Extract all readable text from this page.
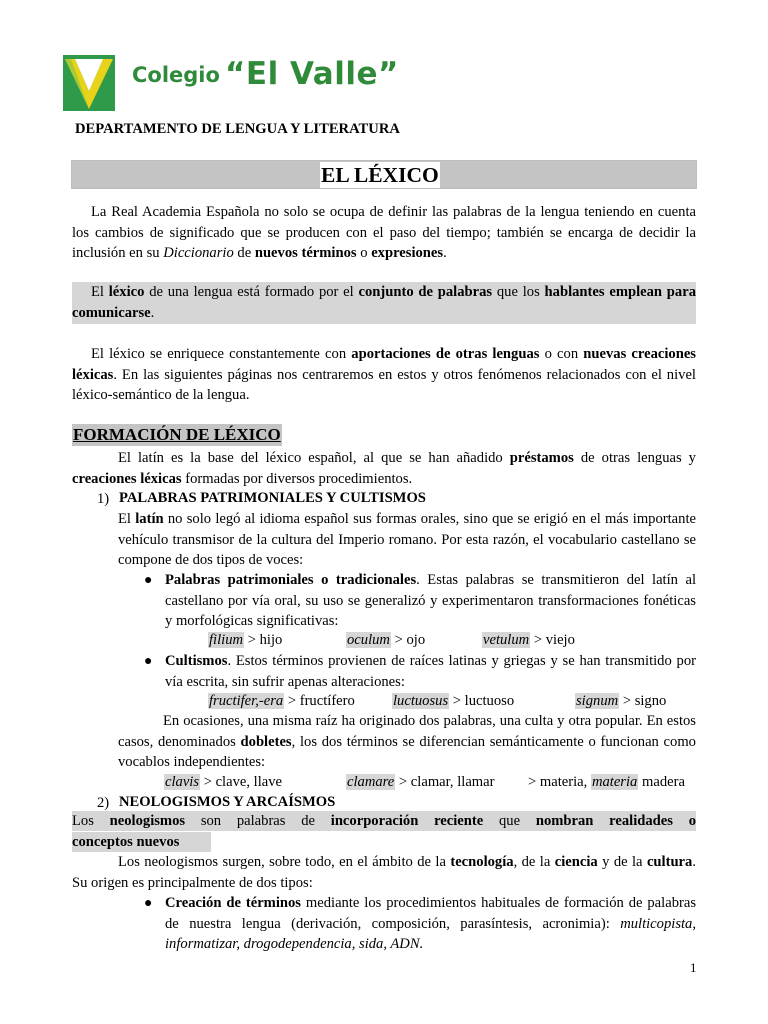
Colegio “El Valle”
DEPARTAMENTO DE LENGUA Y LITERATURA
EL LÉXICO
La Real Academia Española no solo se ocupa de definir las palabras de la lengua teniendo en cuenta los cambios de significado que se producen con el paso del tiempo; también se encarga de decidir la inclusión en su Diccionario de nuevos términos o expresiones.
El léxico de una lengua está formado por el conjunto de palabras que los hablantes emplean para comunicarse.
El léxico se enriquece constantemente con aportaciones de otras lenguas o con nuevas creaciones léxicas. En las siguientes páginas nos centraremos en estos y otros fenómenos relacionados con el nivel léxico-semántico de la lengua.
FORMACIÓN DE LÉXICO
El latín es la base del léxico español, al que se han añadido préstamos de otras lenguas y creaciones léxicas formadas por diversos procedimientos.
1) PALABRAS PATRIMONIALES Y CULTISMOS
El latín no solo legó al idioma español sus formas orales, sino que se erigió en el más importante vehículo transmisor de la cultura del Imperio romano. Por esta razón, el vocabulario castellano se compone de dos tipos de voces:
● Palabras patrimoniales o tradicionales. Estas palabras se transmitieron del latín al castellano por vía oral, su uso se generalizó y experimentaron transformaciones fonéticas y morfológicas significativas:
filium > hijo	oculum > ojo	vetulum > viejo
● Cultismos. Estos términos provienen de raíces latinas y griegas y se han transmitido por vía escrita, sin sufrir apenas alteraciones:
fructifer,-era > fructífero	luctuosus > luctuoso	signum > signo
En ocasiones, una misma raíz ha originado dos palabras, una culta y otra popular. En estos casos, denominados dobletes, los dos términos se diferencian semánticamente o funcionan como vocablos independientes:
clavis > clave, llave	clamare > clamar, llamar > materia, materia madera
2) NEOLOGISMOS Y ARCAÍSMOS
Los neologismos son palabras de incorporación reciente que nombran realidades o
conceptos nuevos
Los neologismos surgen, sobre todo, en el ámbito de la tecnología, de la ciencia y de la cultura. Su origen es principalmente de dos tipos:
● Creación de términos mediante los procedimientos habituales de formación de palabras de nuestra lengua (derivación, composición, parasíntesis, acronimia): multicopista, informatizar, drogodependencia, sida, ADN.
1
